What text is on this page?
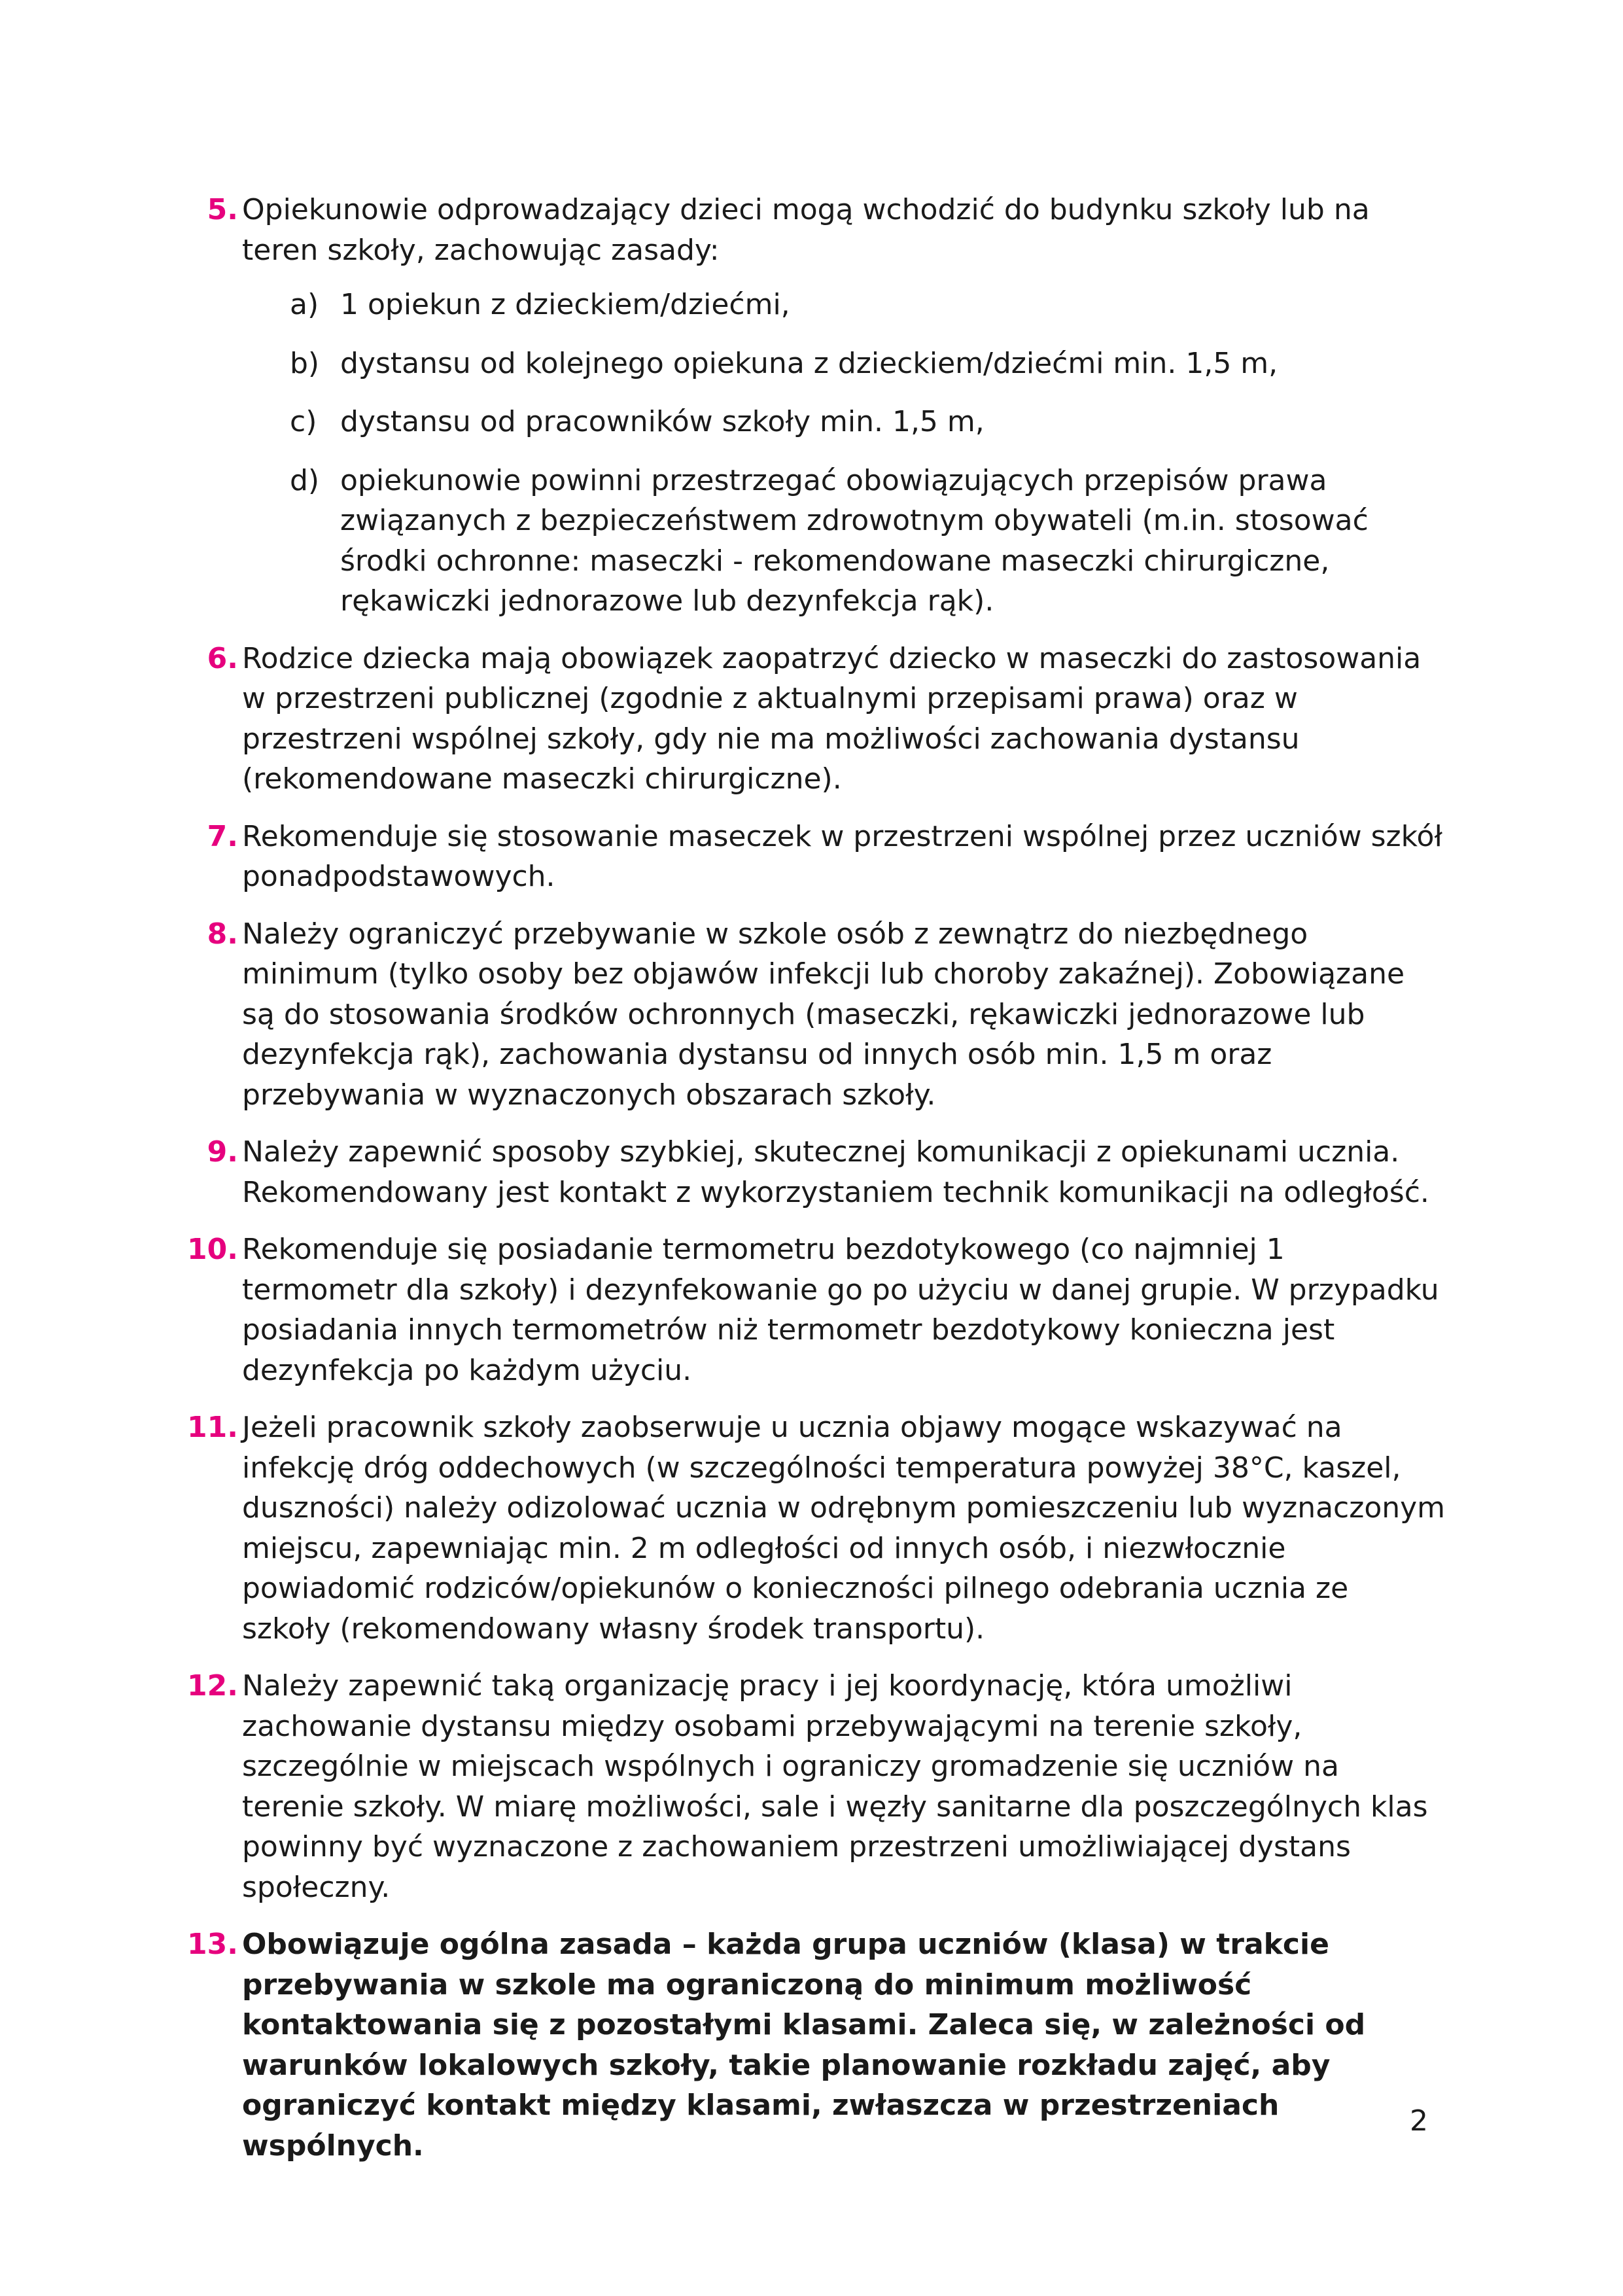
5. Opiekunowie odprowadzający dzieci mogą wchodzić do budynku szkoły lub na teren szkoły, zachowując zasady:
a) 1 opiekun z dzieckiem/dziećmi,
b) dystansu od kolejnego opiekuna z dzieckiem/dziećmi min. 1,5 m,
c) dystansu od pracowników szkoły min. 1,5 m,
d) opiekunowie powinni przestrzegać obowiązujących przepisów prawa związanych z bezpieczeństwem zdrowotnym obywateli (m.in. stosować środki ochronne: maseczki - rekomendowane maseczki chirurgiczne, rękawiczki jednorazowe lub dezynfekcja rąk).
6. Rodzice dziecka mają obowiązek zaopatrzyć dziecko w maseczki do zastosowania w przestrzeni publicznej (zgodnie z aktualnymi przepisami prawa) oraz w przestrzeni wspólnej szkoły, gdy nie ma możliwości zachowania dystansu (rekomendowane maseczki chirurgiczne).
7. Rekomenduje się stosowanie maseczek w przestrzeni wspólnej przez uczniów szkół ponadpodstawowych.
8. Należy ograniczyć przebywanie w szkole osób z zewnątrz do niezbędnego minimum (tylko osoby bez objawów infekcji lub choroby zakaźnej). Zobowiązane są do stosowania środków ochronnych (maseczki, rękawiczki jednorazowe lub dezynfekcja rąk), zachowania dystansu od innych osób min. 1,5 m oraz przebywania w wyznaczonych obszarach szkoły.
9. Należy zapewnić sposoby szybkiej, skutecznej komunikacji z opiekunami ucznia. Rekomendowany jest kontakt z wykorzystaniem technik komunikacji na odległość.
10. Rekomenduje się posiadanie termometru bezdotykowego (co najmniej 1 termometr dla szkoły) i dezynfekowanie go po użyciu w danej grupie. W przypadku posiadania innych termometrów niż termometr bezdotykowy konieczna jest dezynfekcja po każdym użyciu.
11. Jeżeli pracownik szkoły zaobserwuje u ucznia objawy mogące wskazywać na infekcję dróg oddechowych (w szczególności temperatura powyżej 38°C, kaszel, duszności) należy odizolować ucznia w odrębnym pomieszczeniu lub wyznaczonym miejscu, zapewniając min. 2 m odległości od innych osób, i niezwłocznie powiadomić rodziców/opiekunów o konieczności pilnego odebrania ucznia ze szkoły (rekomendowany własny środek transportu).
12. Należy zapewnić taką organizację pracy i jej koordynację, która umożliwi zachowanie dystansu między osobami przebywającymi na terenie szkoły, szczególnie w miejscach wspólnych i ograniczy gromadzenie się uczniów na terenie szkoły. W miarę możliwości, sale i węzły sanitarne dla poszczególnych klas powinny być wyznaczone z zachowaniem przestrzeni umożliwiającej dystans społeczny.
13. Obowiązuje ogólna zasada – każda grupa uczniów (klasa) w trakcie przebywania w szkole ma ograniczoną do minimum możliwość kontaktowania się z pozostałymi klasami. Zaleca się, w zależności od warunków lokalowych szkoły, takie planowanie rozkładu zajęć, aby ograniczyć kontakt między klasami, zwłaszcza w przestrzeniach wspólnych.
2
